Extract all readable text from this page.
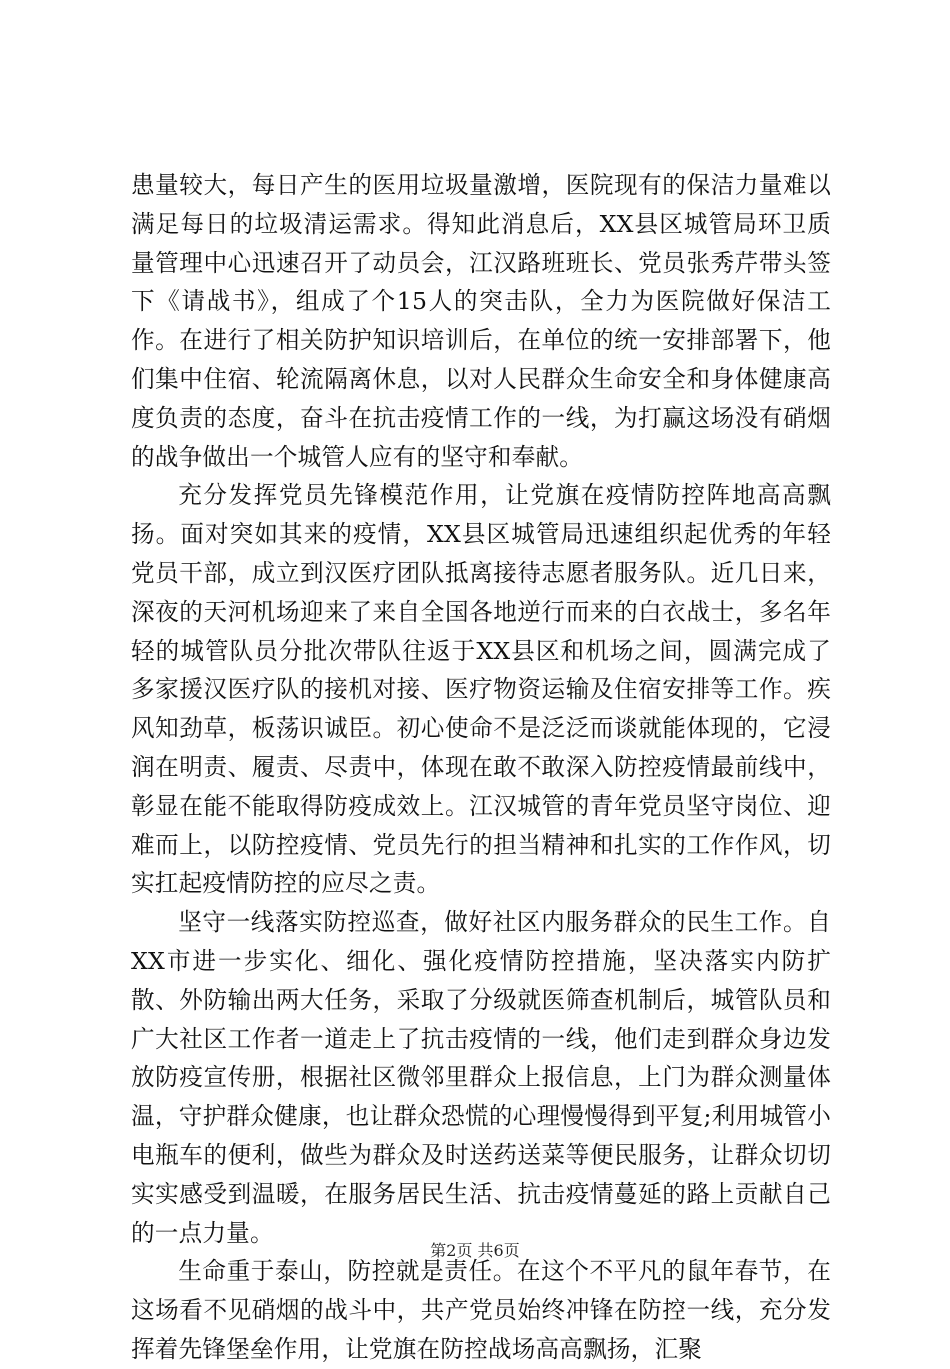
患量较大，每日产生的医用垃圾量激增，医院现有的保洁力量难以满足每日的垃圾清运需求。得知此消息后，XX县区城管局环卫质量管理中心迅速召开了动员会，江汉路班班长、党员张秀芹带头签下《请战书》，组成了个15人的突击队，全力为医院做好保洁工作。在进行了相关防护知识培训后，在单位的统一安排部署下，他们集中住宿、轮流隔离休息，以对人民群众生命安全和身体健康高度负责的态度，奋斗在抗击疫情工作的一线，为打赢这场没有硝烟的战争做出一个城管人应有的坚守和奉献。

充分发挥党员先锋模范作用，让党旗在疫情防控阵地高高飘扬。面对突如其来的疫情，XX县区城管局迅速组织起优秀的年轻党员干部，成立到汉医疗团队抵离接待志愿者服务队。近几日来，深夜的天河机场迎来了来自全国各地逆行而来的白衣战士，多名年轻的城管队员分批次带队往返于XX县区和机场之间，圆满完成了多家援汉医疗队的接机对接、医疗物资运输及住宿安排等工作。疾风知劲草，板荡识诚臣。初心使命不是泛泛而谈就能体现的，它浸润在明责、履责、尽责中，体现在敢不敢深入防控疫情最前线中，彰显在能不能取得防疫成效上。江汉城管的青年党员坚守岗位、迎难而上，以防控疫情、党员先行的担当精神和扎实的工作作风，切实扛起疫情防控的应尽之责。

坚守一线落实防控巡查，做好社区内服务群众的民生工作。自XX市进一步实化、细化、强化疫情防控措施，坚决落实内防扩散、外防输出两大任务，采取了分级就医筛查机制后，城管队员和广大社区工作者一道走上了抗击疫情的一线，他们走到群众身边发放防疫宣传册，根据社区微邻里群众上报信息，上门为群众测量体温，守护群众健康，也让群众恐慌的心理慢慢得到平复;利用城管小电瓶车的便利，做些为群众及时送药送菜等便民服务，让群众切切实实感受到温暖，在服务居民生活、抗击疫情蔓延的路上贡献自己的一点力量。

生命重于泰山，防控就是责任。在这个不平凡的鼠年春节，在这场看不见硝烟的战斗中，共产党员始终冲锋在防控一线，充分发挥着先锋堡垒作用，让党旗在防控战场高高飘扬，汇聚

第2页 共6页
